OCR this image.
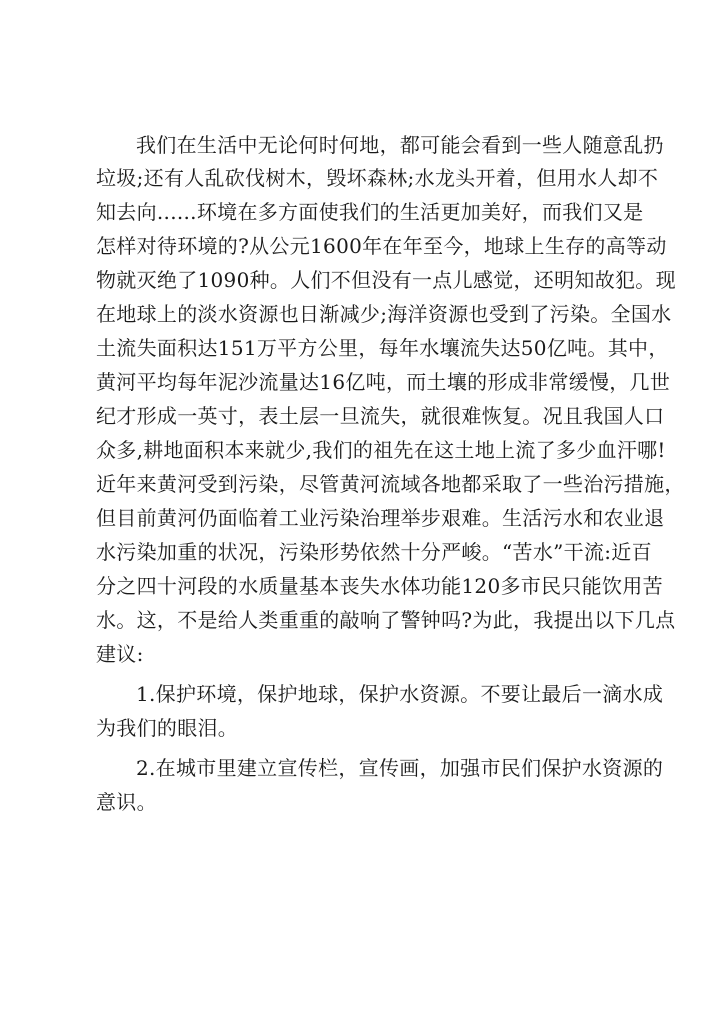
我们在生活中无论何时何地，都可能会看到一些人随意乱扔
垃圾;还有人乱砍伐树木，毁坏森林;水龙头开着，但用水人却不
知去向......环境在多方面使我们的生活更加美好，而我们又是
怎样对待环境的?从公元1600年在年至今，地球上生存的高等动
物就灭绝了1090种。人们不但没有一点儿感觉，还明知故犯。现
在地球上的淡水资源也日渐减少;海洋资源也受到了污染。全国水
土流失面积达151万平方公里，每年水壤流失达50亿吨。其中，
黄河平均每年泥沙流量达16亿吨，而土壤的形成非常缓慢，几世
纪才形成一英寸，表土层一旦流失，就很难恢复。况且我国人口
众多,耕地面积本来就少,我们的祖先在这土地上流了多少血汗哪!
近年来黄河受到污染，尽管黄河流域各地都采取了一些治污措施，
但目前黄河仍面临着工业污染治理举步艰难。生活污水和农业退
水污染加重的状况，污染形势依然十分严峻。“苦水”干流:近百
分之四十河段的水质量基本丧失水体功能120多市民只能饮用苦
水。这，不是给人类重重的敲响了警钟吗?为此，我提出以下几点
建议:
1.保护环境，保护地球，保护水资源。不要让最后一滴水成
为我们的眼泪。
2.在城市里建立宣传栏，宣传画，加强市民们保护水资源的
意识。
